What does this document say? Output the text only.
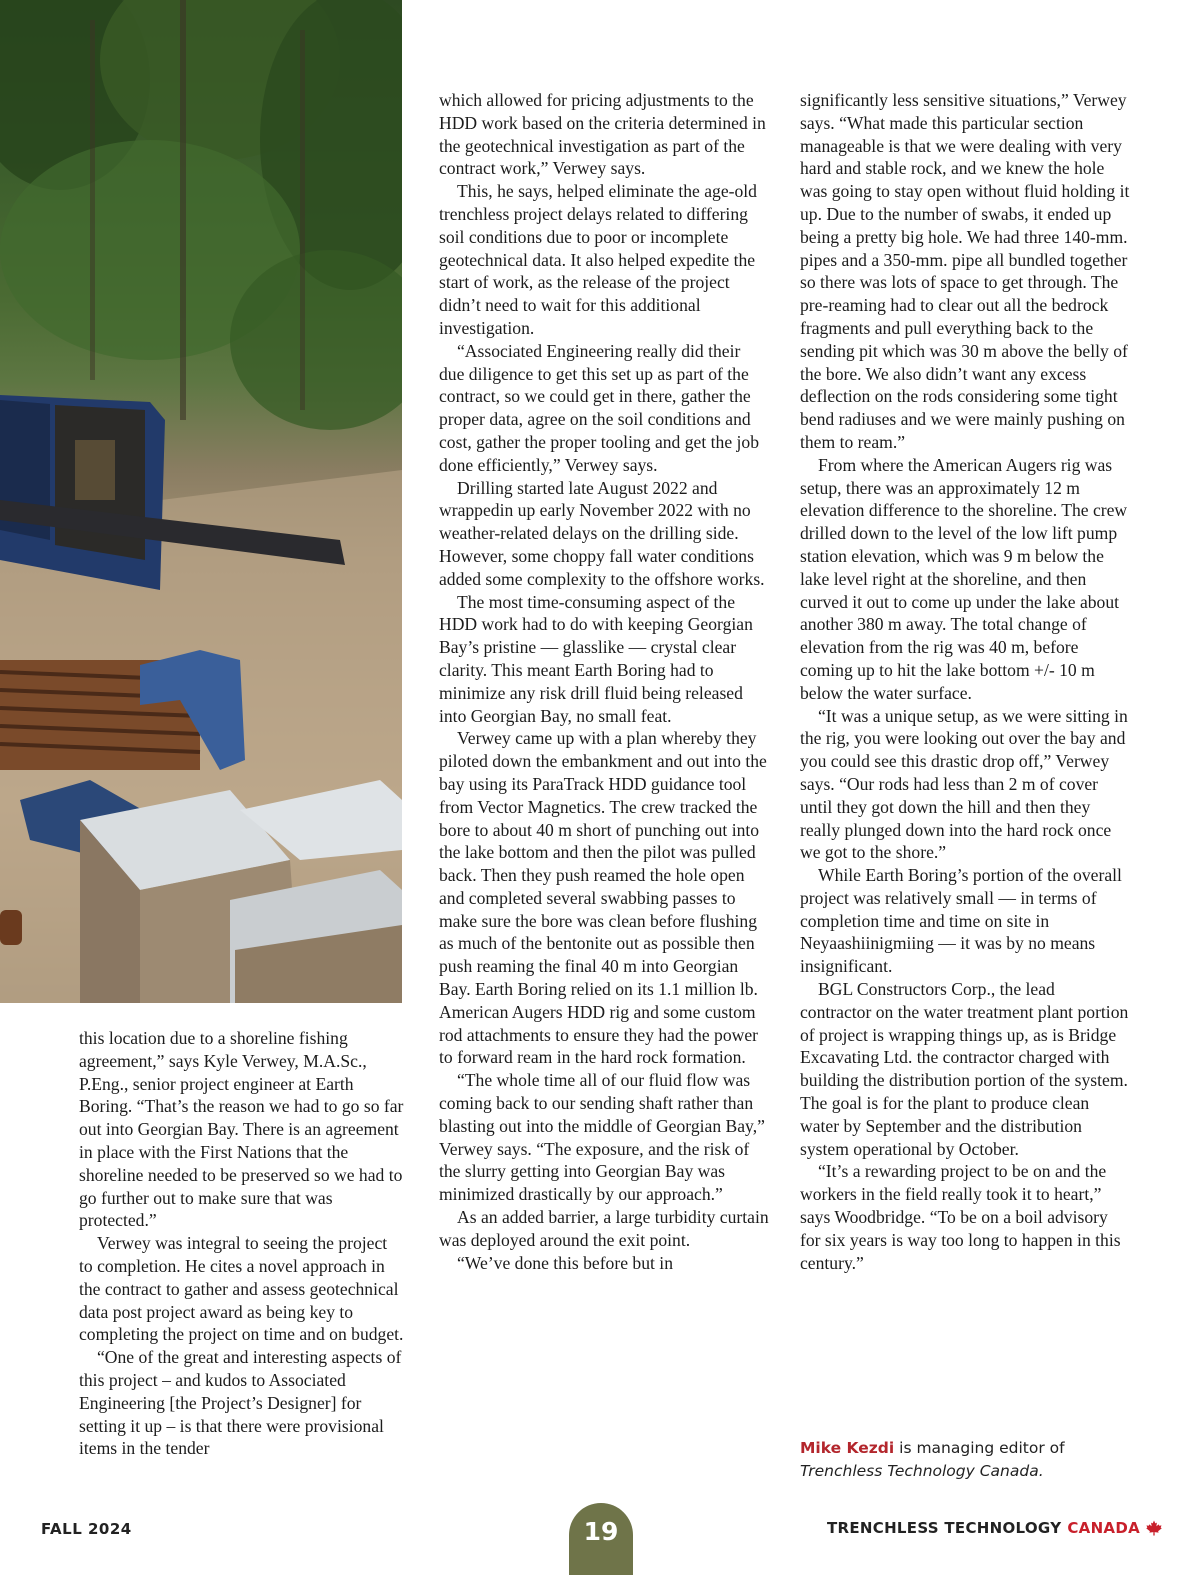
this location due to a shoreline fishing agreement,” says Kyle Verwey, M.A.Sc., P.Eng., senior project engineer at Earth Boring. “That’s the reason we had to go so far out into Georgian Bay. There is an agreement in place with the First Nations that the shoreline needed to be preserved so we had to go further out to make sure that was protected.”

Verwey was integral to seeing the project to completion. He cites a novel approach in the contract to gather and assess geotechnical data post project award as being key to completing the project on time and on budget.

“One of the great and interesting aspects of this project – and kudos to Associated Engineering [the Project’s Designer] for setting it up – is that there were provisional items in the tender

which allowed for pricing adjustments to the HDD work based on the criteria determined in the geotechnical investigation as part of the contract work,” Verwey says.

This, he says, helped eliminate the age-old trenchless project delays related to differing soil conditions due to poor or incomplete geotechnical data. It also helped expedite the start of work, as the release of the project didn’t need to wait for this additional investigation.

“Associated Engineering really did their due diligence to get this set up as part of the contract, so we could get in there, gather the proper data, agree on the soil conditions and cost, gather the proper tooling and get the job done efficiently,” Verwey says.

Drilling started late August 2022 and wrappedin up early November 2022 with no weather-related delays on the drilling side. However, some choppy fall water conditions added some complexity to the offshore works.

The most time-consuming aspect of the HDD work had to do with keeping Georgian Bay’s pristine — glasslike — crystal clear clarity. This meant Earth Boring had to minimize any risk drill fluid being released into Georgian Bay, no small feat.

Verwey came up with a plan whereby they piloted down the embankment and out into the bay using its ParaTrack HDD guidance tool from Vector Magnetics. The crew tracked the bore to about 40 m short of punching out into the lake bottom and then the pilot was pulled back. Then they push reamed the hole open and completed several swabbing passes to make sure the bore was clean before flushing as much of the bentonite out as possible then push reaming the final 40 m into Georgian Bay. Earth Boring relied on its 1.1 million lb. American Augers HDD rig and some custom rod attachments to ensure they had the power to forward ream in the hard rock formation.

“The whole time all of our fluid flow was coming back to our sending shaft rather than blasting out into the middle of Georgian Bay,” Verwey says. “The exposure, and the risk of the slurry getting into Georgian Bay was minimized drastically by our approach.”

As an added barrier, a large turbidity curtain was deployed around the exit point.

“We’ve done this before but in

significantly less sensitive situations,” Verwey says. “What made this particular section manageable is that we were dealing with very hard and stable rock, and we knew the hole was going to stay open without fluid holding it up. Due to the number of swabs, it ended up being a pretty big hole. We had three 140-mm. pipes and a 350-mm. pipe all bundled together so there was lots of space to get through. The pre-reaming had to clear out all the bedrock fragments and pull everything back to the sending pit which was 30 m above the belly of the bore. We also didn’t want any excess deflection on the rods considering some tight bend radiuses and we were mainly pushing on them to ream.”

From where the American Augers rig was setup, there was an approximately 12 m elevation difference to the shoreline. The crew drilled down to the level of the low lift pump station elevation, which was 9 m below the lake level right at the shoreline, and then curved it out to come up under the lake about another 380 m away. The total change of elevation from the rig was 40 m, before coming up to hit the lake bottom +/- 10 m below the water surface.

“It was a unique setup, as we were sitting in the rig, you were looking out over the bay and you could see this drastic drop off,” Verwey says. “Our rods had less than 2 m of cover until they got down the hill and then they really plunged down into the hard rock once we got to the shore.”

While Earth Boring’s portion of the overall project was relatively small — in terms of completion time and time on site in Neyaashiinigmiing — it was by no means insignificant.

BGL Constructors Corp., the lead contractor on the water treatment plant portion of project is wrapping things up, as is Bridge Excavating Ltd. the contractor charged with building the distribution portion of the system. The goal is for the plant to produce clean water by September and the distribution system operational by October.

“It’s a rewarding project to be on and the workers in the field really took it to heart,” says Woodbridge. “To be on a boil advisory for six years is way too long to happen in this century.”

Mike Kezdi is managing editor of
Trenchless Technology Canada.
FALL 2024	19	TRENCHLESS TECHNOLOGY CANADA
